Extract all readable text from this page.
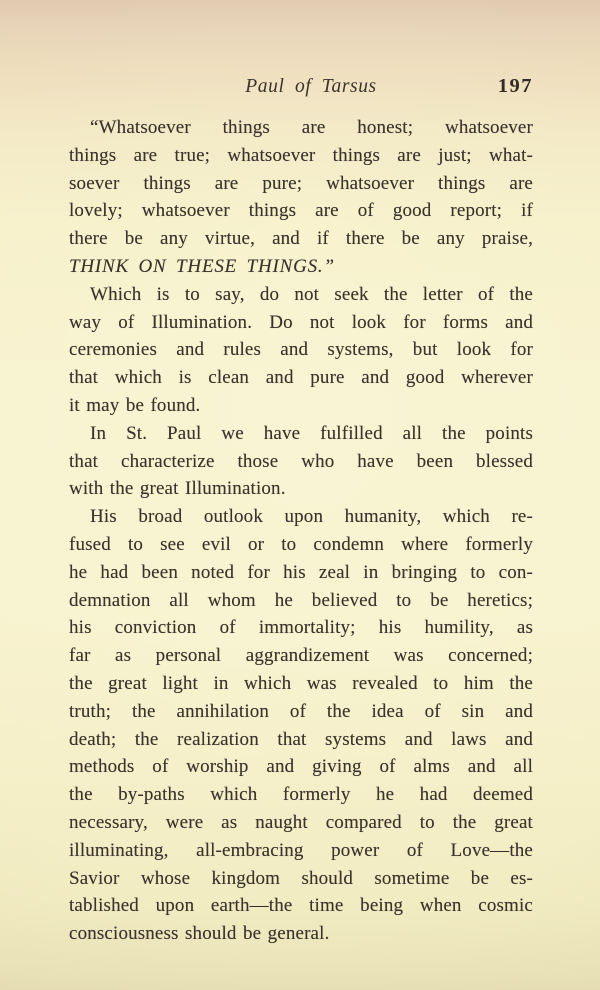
Paul of Tarsus	197
“Whatsoever things are honest; whatsoever
things are true; whatsoever things are just; what-
soever things are pure; whatsoever things are
lovely; whatsoever things are of good report; if
there be any virtue, and if there be any praise,
THINK ON THESE THINGS.”
Which is to say, do not seek the letter of the
way of Illumination. Do not look for forms and
ceremonies and rules and systems, but look for
that which is clean and pure and good wherever
it may be found.
In St. Paul we have fulfilled all the points
that characterize those who have been blessed
with the great Illumination.
His broad outlook upon humanity, which re-
fused to see evil or to condemn where formerly
he had been noted for his zeal in bringing to con-
demnation all whom he believed to be heretics;
his conviction of immortality; his humility, as
far as personal aggrandizement was concerned;
the great light in which was revealed to him the
truth; the annihilation of the idea of sin and
death; the realization that systems and laws and
methods of worship and giving of alms and all
the by-paths which formerly he had deemed
necessary, were as naught compared to the great
illuminating, all-embracing power of Love—the
Savior whose kingdom should sometime be es-
tablished upon earth—the time being when cosmic
consciousness should be general.
